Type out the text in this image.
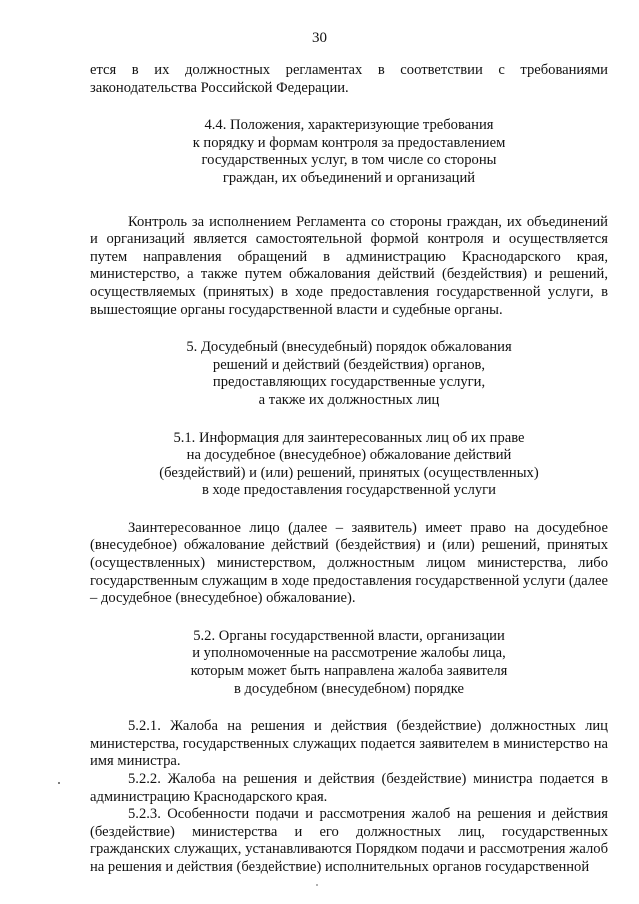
30

ется в их должностных регламентах в соответствии с требованиями законодательства Российской Федерации.

4.4. Положения, характеризующие требования
к порядку и формам контроля за предоставлением
государственных услуг, в том числе со стороны
граждан, их объединений и организаций

Контроль за исполнением Регламента со стороны граждан, их объединений и организаций является самостоятельной формой контроля и осуществляется путем направления обращений в администрацию Краснодарского края, министерство, а также путем обжалования действий (бездействия) и решений, осуществляемых (принятых) в ходе предоставления государственной услуги, в вышестоящие органы государственной власти и судебные органы.

5. Досудебный (внесудебный) порядок обжалования
решений и действий (бездействия) органов,
предоставляющих государственные услуги,
а также их должностных лиц
5.1. Информация для заинтересованных лиц об их праве
на досудебное (внесудебное) обжалование действий
(бездействий) и (или) решений, принятых (осуществленных)
в ходе предоставления государственной услуги

Заинтересованное лицо (далее – заявитель) имеет право на досудебное (внесудебное) обжалование действий (бездействия) и (или) решений, принятых (осуществленных) министерством, должностным лицом министерства, либо государственным служащим в ходе предоставления государственной услуги (далее – досудебное (внесудебное) обжалование).

5.2. Органы государственной власти, организации
и уполномоченные на рассмотрение жалобы лица,
которым может быть направлена жалоба заявителя
в досудебном (внесудебном) порядке

5.2.1. Жалоба на решения и действия (бездействие) должностных лиц министерства, государственных служащих подается заявителем в министерство на имя министра.

5.2.2. Жалоба на решения и действия (бездействие) министра подается в администрацию Краснодарского края.

5.2.3. Особенности подачи и рассмотрения жалоб на решения и действия (бездействие) министерства и его должностных лиц, государственных гражданских служащих, устанавливаются Порядком подачи и рассмотрения жалоб на решения и действия (бездействие) исполнительных органов государственной
